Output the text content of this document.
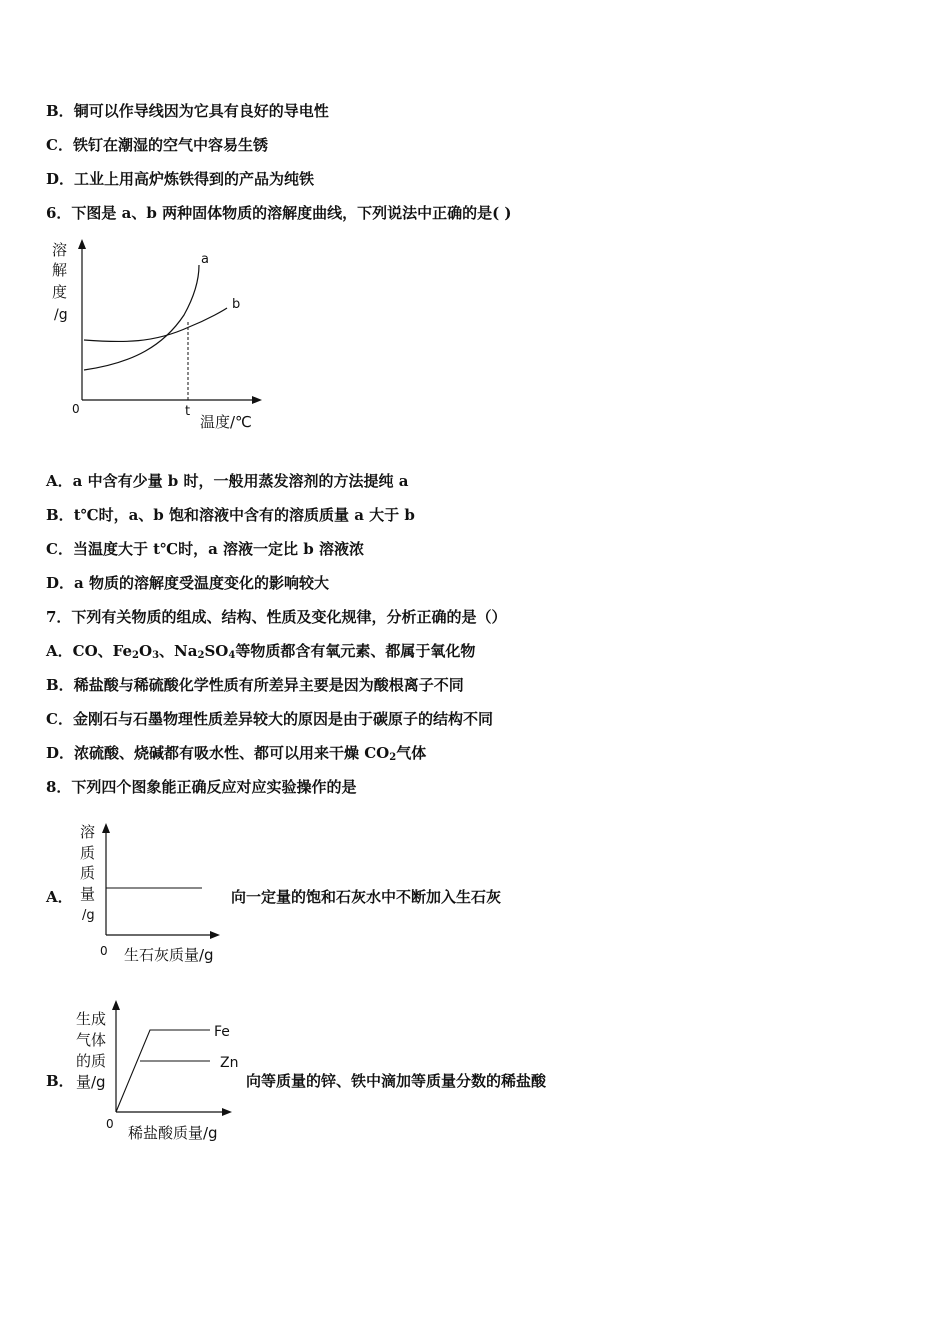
B．铜可以作导线因为它具有良好的导电性
C．铁钉在潮湿的空气中容易生锈
D．工业上用高炉炼铁得到的产品为纯铁
6．下图是 a、b 两种固体物质的溶解度曲线，下列说法中正确的是( )
溶
解
度
/g
a
b
0	t
温度/℃
A．a 中含有少量 b 时，一般用蒸发溶剂的方法提纯 a
B．t℃时，a、b 饱和溶液中含有的溶质质量 a 大于 b
C．当温度大于 t℃时，a 溶液一定比 b 溶液浓
D．a 物质的溶解度受温度变化的影响较大
7．下列有关物质的组成、结构、性质及变化规律，分析正确的是（）
A．CO、$Fe_2O_3$、$Na_2SO_4$等物质都含有氧元素、都属于氧化物
B．稀盐酸与稀硫酸化学性质有所差异主要是因为酸根离子不同
C．金刚石与石墨物理性质差异较大的原因是由于碳原子的结构不同
D．浓硫酸、烧碱都有吸水性、都可以用来干燥 $CO_2$气体
8．下列四个图象能正确反应对应实验操作的是
A．
溶
质
质
量
/g
0 生石灰质量/g
向一定量的饱和石灰水中不断加入生石灰
B．
生成
气体
的质
量/g
Fe
Zn
0 稀盐酸质量/g
向等质量的锌、铁中滴加等质量分数的稀盐酸
